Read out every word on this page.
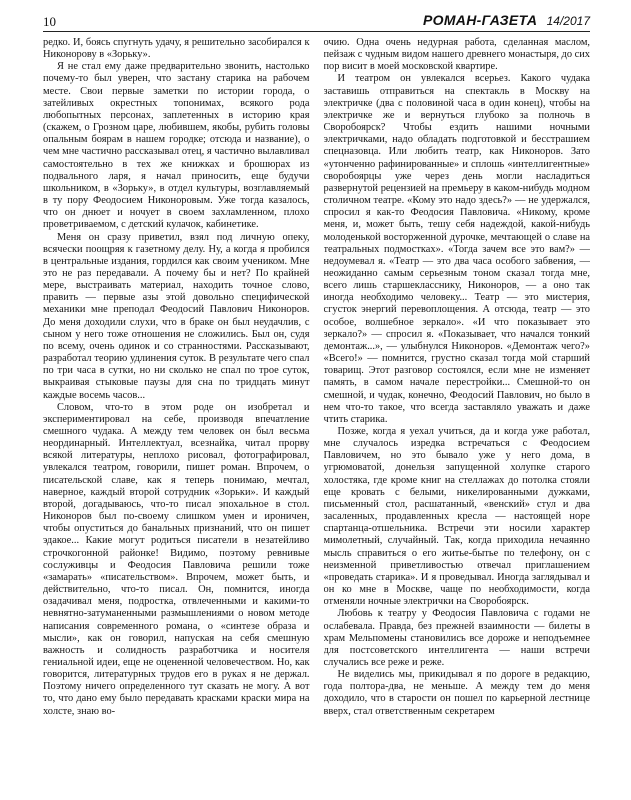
10	РОМАН-ГАЗЕТА 14/2017

редко. И, боясь спугнуть удачу, я решительно засобирался к Никонорову в «Зорьку».

Я не стал ему даже предварительно звонить, настолько почему-то был уверен, что застану старика на рабочем месте. Свои первые заметки по истории города, о затейливых окрестных топонимах, всякого рода любопытных персонах, заплетенных в историю края (скажем, о Грозном царе, любившем, якобы, рубить головы опальным боярам в нашем городке; отсюда и название), о чем мне частично рассказывал отец, я частично вылавливал самостоятельно в тех же книжках и брошюрах из подвального ларя, я начал приносить, еще будучи школьником, в «Зорьку», в отдел культуры, возглавляемый в ту пору Феодосием Никоноровым. Уже тогда казалось, что он днюет и ночует в своем захламленном, плохо проветриваемом, с детский кулачок, кабинетике.

Меня он сразу приветил, взял под личную опеку, всячески поощряя к газетному делу. Ну, а когда я пробился в центральные издания, гордился как своим учеником. Мне это не раз передавали. А почему бы и нет? По крайней мере, выстраивать материал, находить точное слово, править — первые азы этой довольно специфической механики мне преподал Феодосий Павлович Никоноров. До меня доходили слухи, что в браке он был неудачлив, с сыном у него тоже отношения не сложились. Был он, судя по всему, очень одинок и со странностями. Рассказывают, разработал теорию удлинения суток. В результате чего спал по три часа в сутки, но ни сколько не спал по трое суток, выкраивая стыковые паузы для сна по тридцать минут каждые восемь часов...

Словом, что-то в этом роде он изобретал и экспериментировал на себе, производя впечатление смешного чудака. А между тем человек он был весьма неординарный. Интеллектуал, всезнайка, читал прорву всякой литературы, неплохо рисовал, фотографировал, увлекался театром, говорили, пишет роман. Впрочем, о писательской славе, как я теперь понимаю, мечтал, наверное, каждый второй сотрудник «Зорьки». И каждый второй, догадываюсь, что-то писал эпохальное в стол. Никоноров был по-своему слишком умен и ироничен, чтобы опуститься до банальных признаний, что он пишет эдакое... Какие могут родиться писатели в незатейливо строчкогонной районке! Видимо, поэтому ревнивые сослуживцы и Феодосия Павловича решили тоже «замарать» «писательством». Впрочем, может быть, и действительно, что-то писал. Он, помнится, иногда озадачивал меня, подростка, отвлеченными и какими-то невнятно-затуманенными размышлениями о новом методе написания современного романа, о «синтезе образа и мысли», как он говорил, напуская на себя смешную важность и солидность разработчика и носителя гениальной идеи, еще не оцененной человечеством. Но, как говорится, литературных трудов его в руках я не держал. Поэтому ничего определенного тут сказать не могу. А вот то, что дано ему было передавать красками краски мира на холсте, знаю во-

очию. Одна очень недурная работа, сделанная маслом, пейзаж с чудным видом нашего древнего монастыря, до сих пор висит в моей московской квартире.

И театром он увлекался всерьез. Какого чудака заставишь отправиться на спектакль в Москву на электричке (два с половиной часа в один конец), чтобы на электричке же и вернуться глубоко за полночь в Своробоярск? Чтобы ездить нашими ночными электричками, надо обладать подготовкой и бесстрашием спецназовца. Или любить театр, как Никоноров. Зато «утонченно рафинированные» и сплошь «интеллигентные» своробоярцы уже через день могли насладиться развернутой рецензией на премьеру в каком-нибудь модном столичном театре. «Кому это надо здесь?» — не удержался, спросил я как-то Феодосия Павловича. «Никому, кроме меня, и, может быть, тешу себя надеждой, какой-нибудь молоденькой восторженной дурочке, мечтающей о славе на театральных подмостках». «Тогда зачем все это вам?» — недоумевал я. «Театр — это два часа особого забвения, — неожиданно самым серьезным тоном сказал тогда мне, всего лишь старшекласснику, Никоноров, — а оно так иногда необходимо человеку... Театр — это мистерия, сгусток энергий перевоплощения. А отсюда, театр — это особое, волшебное зеркало». «И что показывает это зеркало?» — спросил я. «Показывает, что начался тонкий демонтаж...», — улыбнулся Никоноров. «Демонтаж чего?» «Всего!» — помнится, грустно сказал тогда мой старший товарищ. Этот разговор состоялся, если мне не изменяет память, в самом начале перестройки... Смешной-то он смешной, и чудак, конечно, Феодосий Павлович, но было в нем что-то такое, что всегда заставляло уважать и даже чтить старика.

Позже, когда я уехал учиться, да и когда уже работал, мне случалось изредка встречаться с Феодосием Павловичем, но это бывало уже у него дома, в угрюмоватой, донельзя запущенной холупке старого холостяка, где кроме книг на стеллажах до потолка стояли еще кровать с белыми, никелированными дужками, письменный стол, расшатанный, «венский» стул и два засаленных, продавленных кресла — настоящей норе спартанца-отшельника. Встречи эти носили характер мимолетный, случайный. Так, когда приходила нечаянно мысль справиться о его житье-бытье по телефону, он с неизменной приветливостью отвечал приглашением «проведать старика». И я проведывал. Иногда заглядывал и он ко мне в Москве, чаще по необходимости, когда отменяли ночные электрички на Своробоярск.

Любовь к театру у Феодосия Павловича с годами не ослабевала. Правда, без прежней взаимности — билеты в храм Мельпомены становились все дороже и неподъемнее для постсоветского интеллигента — наши встречи случались все реже и реже.

Не виделись мы, прикидывал я по дороге в редакцию, года полтора-два, не меньше. А между тем до меня доходило, что в старости он пошел по карьерной лестнице вверх, стал ответственным секретарем
